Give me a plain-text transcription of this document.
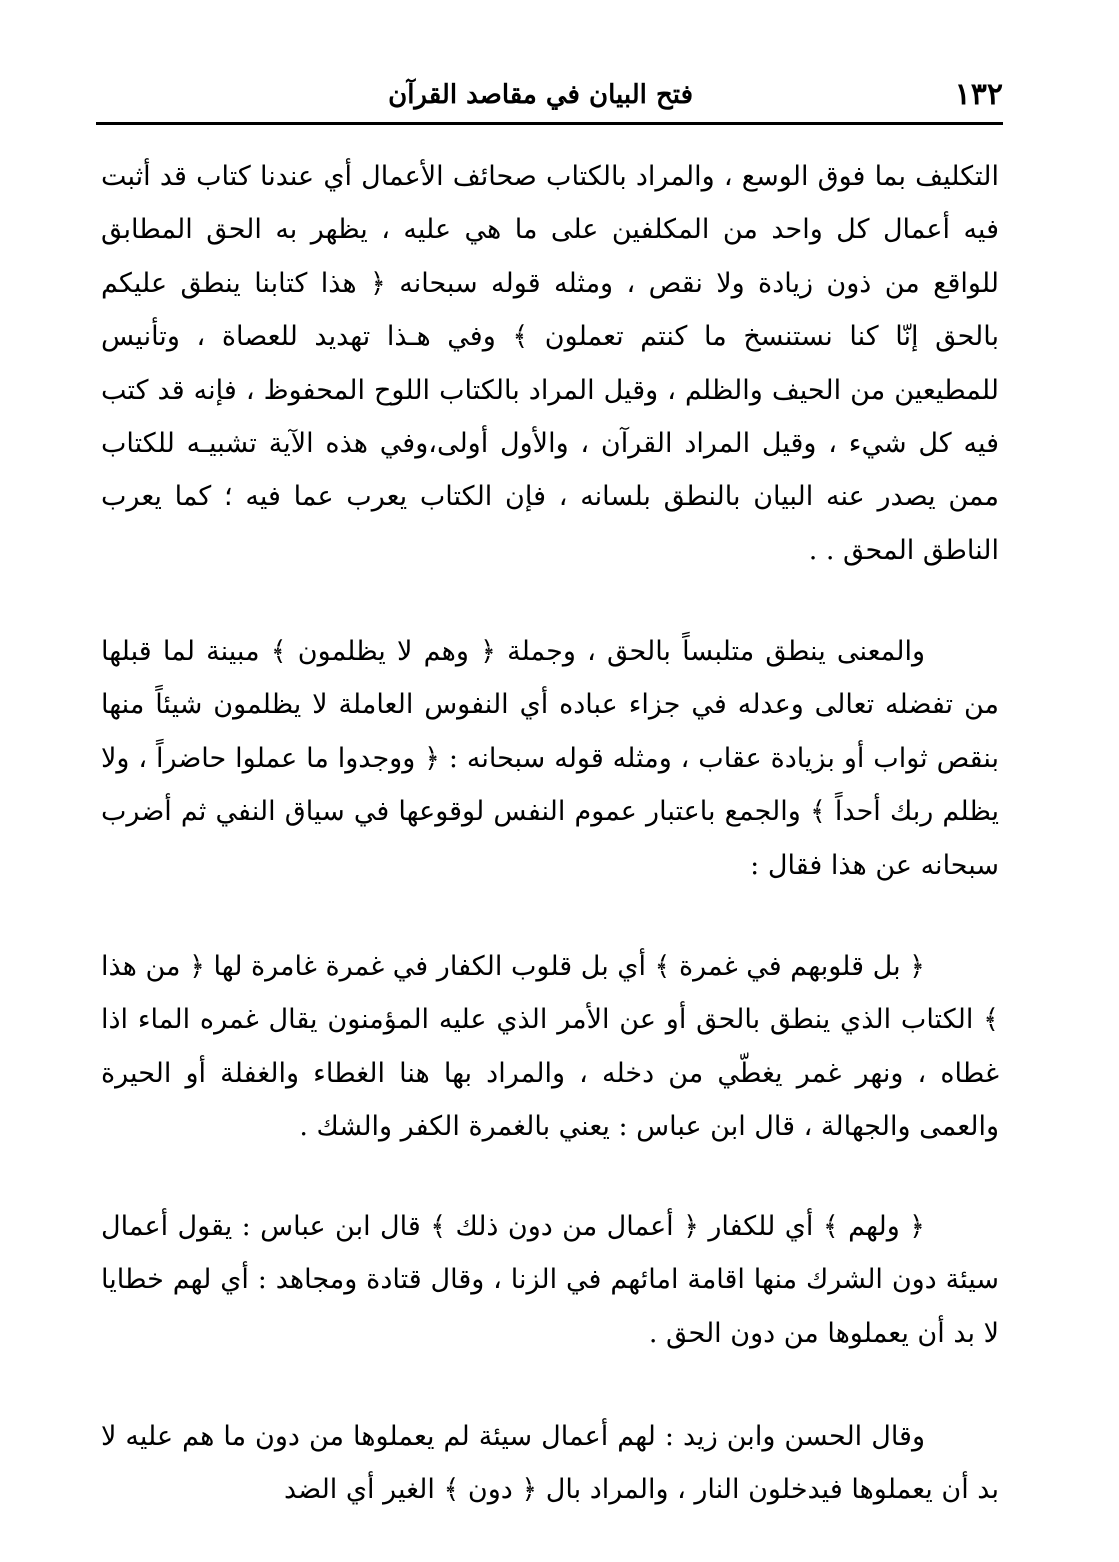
١٣٢
فتح البيان في مقاصد القرآن

التكليف بما فوق الوسع ، والمراد بالكتاب صحائف الأعمال أي عندنا كتاب قد أثبت فيه أعمال كل واحد من المكلفين على ما هي عليه ، يظهر به الحق المطابق للواقع من ذون زيادة ولا نقص ، ومثله قوله سبحانه ﴿ هذا كتابنا ينطق عليكم بالحق إنّا كنا نستنسخ ما كنتم تعملون ﴾ وفي هـذا تهديد للعصاة ، وتأنيس للمطيعين من الحيف والظلم ، وقيل المراد بالكتاب اللوح المحفوظ ، فإنه قد كتب فيه كل شيء ، وقيل المراد القرآن ، والأول أولى،وفي هذه الآية تشبيـه للكتاب ممن يصدر عنه البيان بالنطق بلسانه ، فإن الكتاب يعرب عما فيه ؛ كما يعرب الناطق المحق . .

والمعنى ينطق متلبساً بالحق ، وجملة ﴿ وهم لا يظلمون ﴾ مبينة لما قبلها من تفضله تعالى وعدله في جزاء عباده أي النفوس العاملة لا يظلمون شيئاً منها بنقص ثواب أو بزيادة عقاب ، ومثله قوله سبحانه : ﴿ ووجدوا ما عملوا حاضراً ، ولا يظلم ربك أحداً ﴾ والجمع باعتبار عموم النفس لوقوعها في سياق النفي ثم أضرب سبحانه عن هذا فقال :

﴿ بل قلوبهم في غمرة ﴾ أي بل قلوب الكفار في غمرة غامرة لها ﴿ من هذا ﴾ الكتاب الذي ينطق بالحق أو عن الأمر الذي عليه المؤمنون يقال غمره الماء اذا غطاه ، ونهر غمر يغطّي من دخله ، والمراد بها هنا الغطاء والغفلة أو الحيرة والعمى والجهالة ، قال ابن عباس : يعني بالغمرة الكفر والشك .

﴿ ولهم ﴾ أي للكفار ﴿ أعمال من دون ذلك ﴾ قال ابن عباس : يقول أعمال سيئة دون الشرك منها اقامة امائهم في الزنا ، وقال قتادة ومجاهد : أي لهم خطايا لا بد أن يعملوها من دون الحق .

وقال الحسن وابن زيد : لهم أعمال سيئة لم يعملوها من دون ما هم عليه لا بد أن يعملوها فيدخلون النار ، والمراد بال ﴿ دون ﴾ الغير أي الضد
